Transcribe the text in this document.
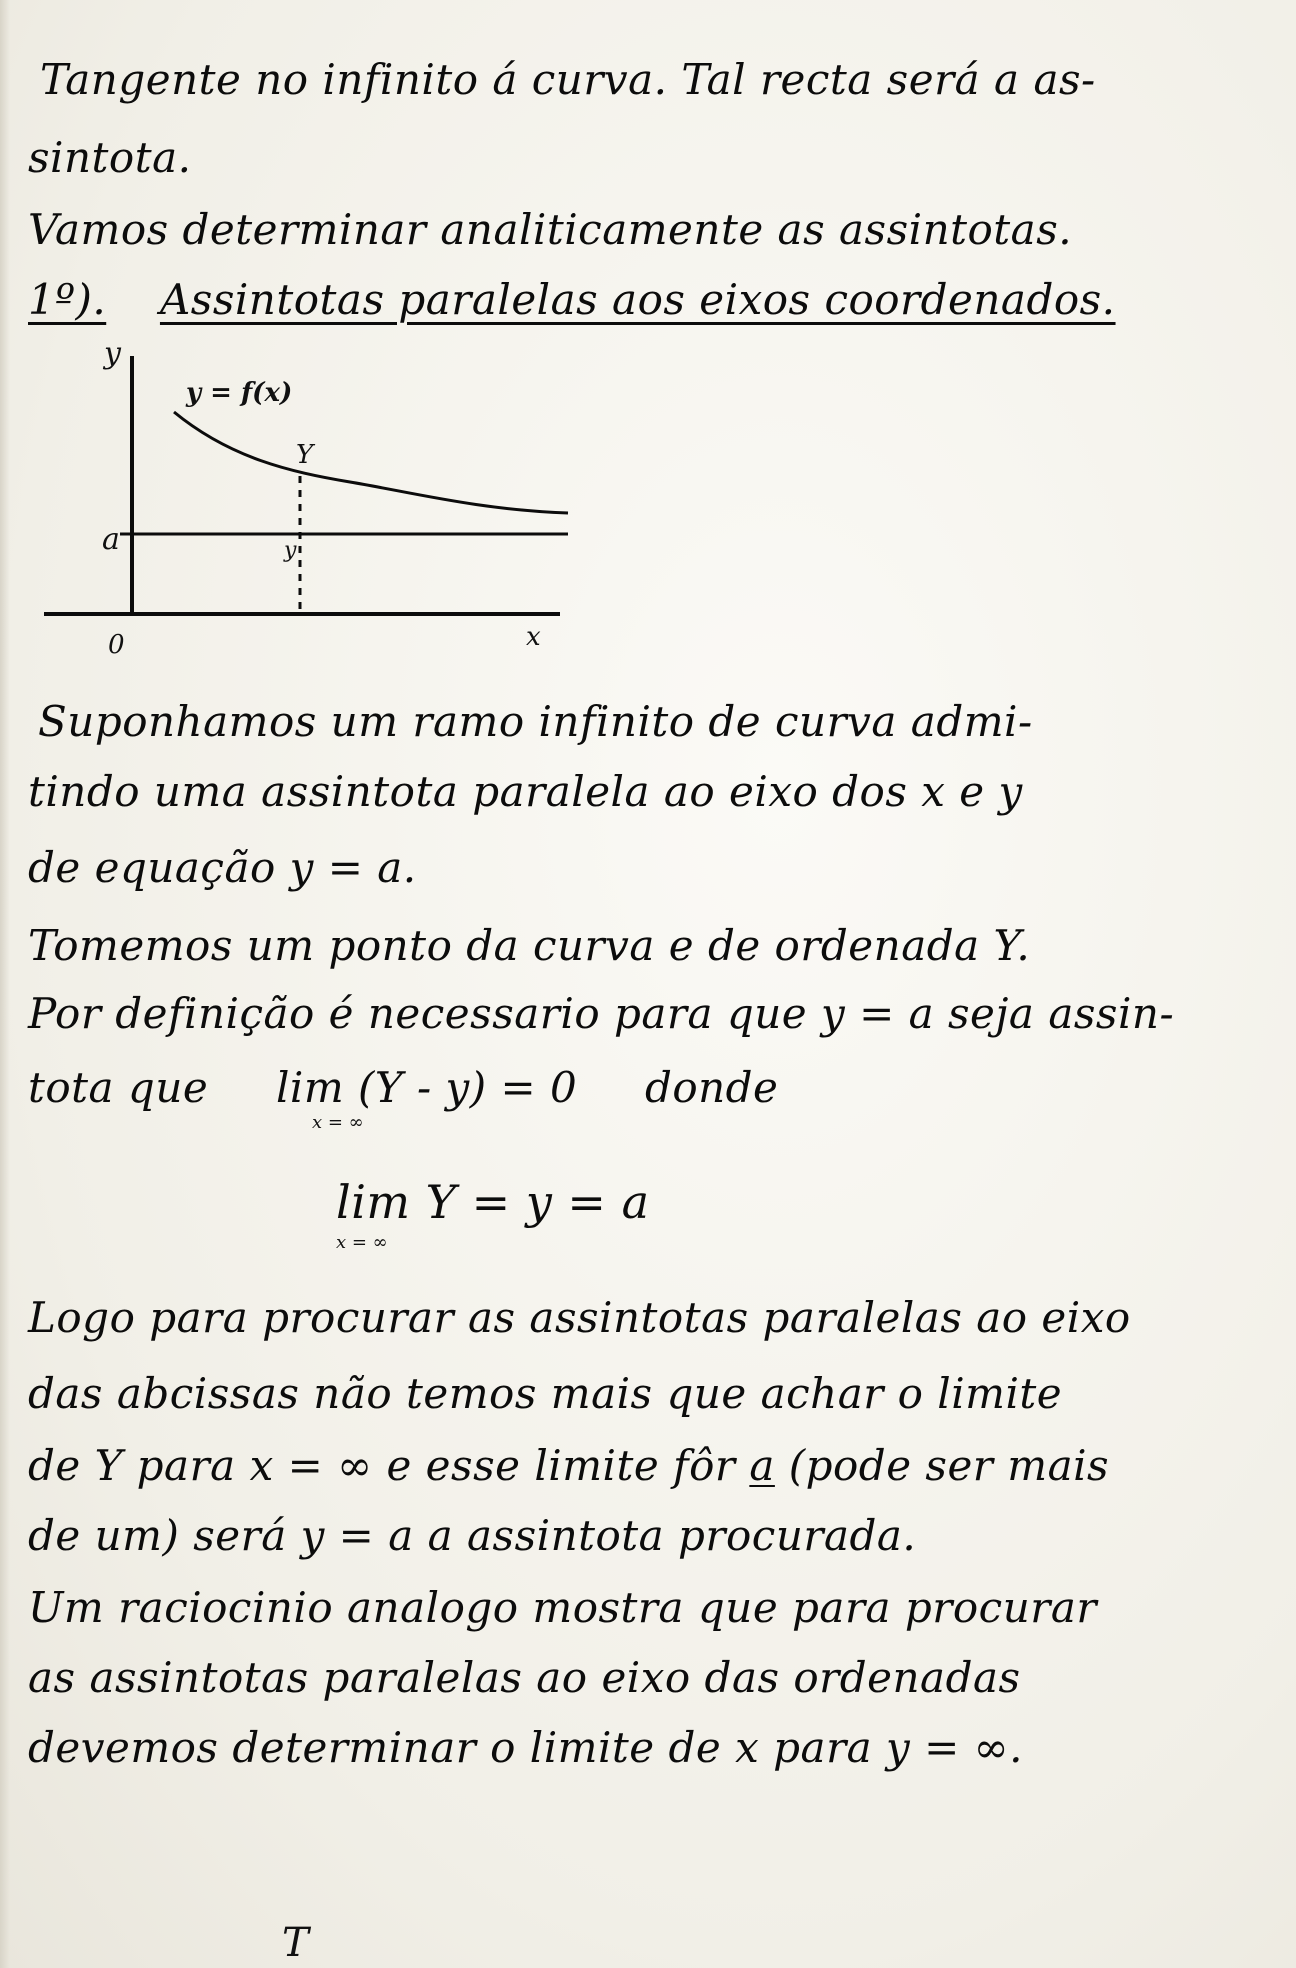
Tangente no infinito á curva. Tal recta será a as-
sintota.
Vamos determinar analiticamente as assintotas.
1º). Assintotas paralelas aos eixos coordenados.
y
y = f(x)
Y
y
a
0	x
Suponhamos um ramo infinito de curva admi-
tindo uma assintota paralela ao eixo dos x e y
de equação y = a.
Tomemos um ponto da curva e de ordenada Y.
Por definição é necessario para que y = a seja assin-
tota que lim (Y - y) = 0 donde
x = ∞
lim Y = y = a
x = ∞
Logo para procurar as assintotas paralelas ao eixo
das abcissas não temos mais que achar o limite
de Y para x = ∞ e esse limite fôr a (pode ser mais
de um) será y = a a assintota procurada.
Um raciocinio analogo mostra que para procurar
as assintotas paralelas ao eixo das ordenadas
devemos determinar o limite de x para y = ∞.
T
